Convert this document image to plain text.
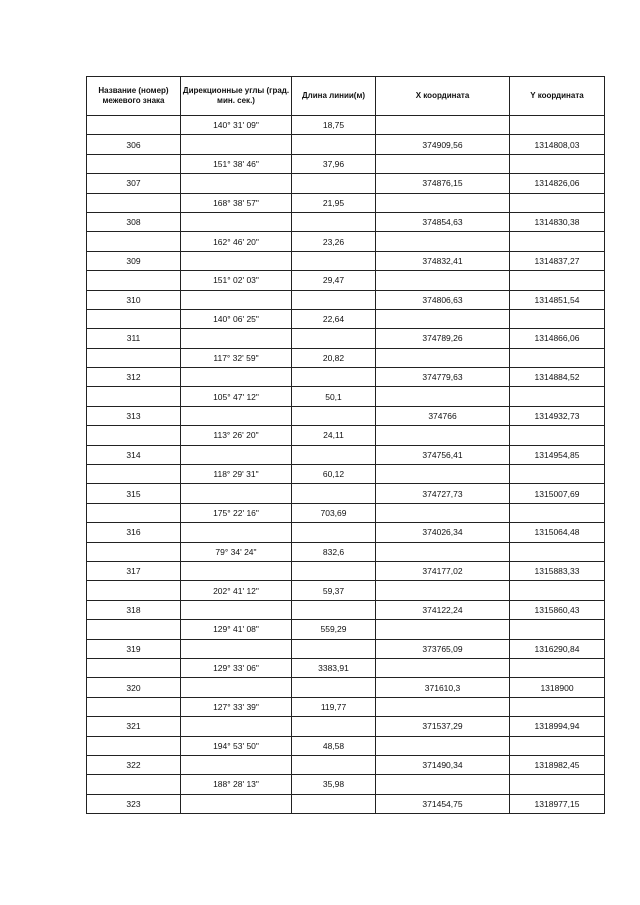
Название (номер) межевого знака	Дирекционные углы (град. мин. сек.)	Длина линии(м)	X координата	Y координата
	140° 31' 09"	18,75		
306			374909,56	1314808,03
	151° 38' 46"	37,96		
307			374876,15	1314826,06
	168° 38' 57"	21,95		
308			374854,63	1314830,38
	162° 46' 20"	23,26		
309			374832,41	1314837,27
	151° 02' 03"	29,47		
310			374806,63	1314851,54
	140° 06' 25"	22,64		
311			374789,26	1314866,06
	117° 32' 59"	20,82		
312			374779,63	1314884,52
	105° 47' 12"	50,1		
313			374766	1314932,73
	113° 26' 20"	24,11		
314			374756,41	1314954,85
	118° 29' 31"	60,12		
315			374727,73	1315007,69
	175° 22' 16"	703,69		
316			374026,34	1315064,48
	79° 34' 24"	832,6		
317			374177,02	1315883,33
	202° 41' 12"	59,37		
318			374122,24	1315860,43
	129° 41' 08"	559,29		
319			373765,09	1316290,84
	129° 33' 06"	3383,91		
320			371610,3	1318900
	127° 33' 39"	119,77		
321			371537,29	1318994,94
	194° 53' 50"	48,58		
322			371490,34	1318982,45
	188° 28' 13"	35,98		
323			371454,75	1318977,15
